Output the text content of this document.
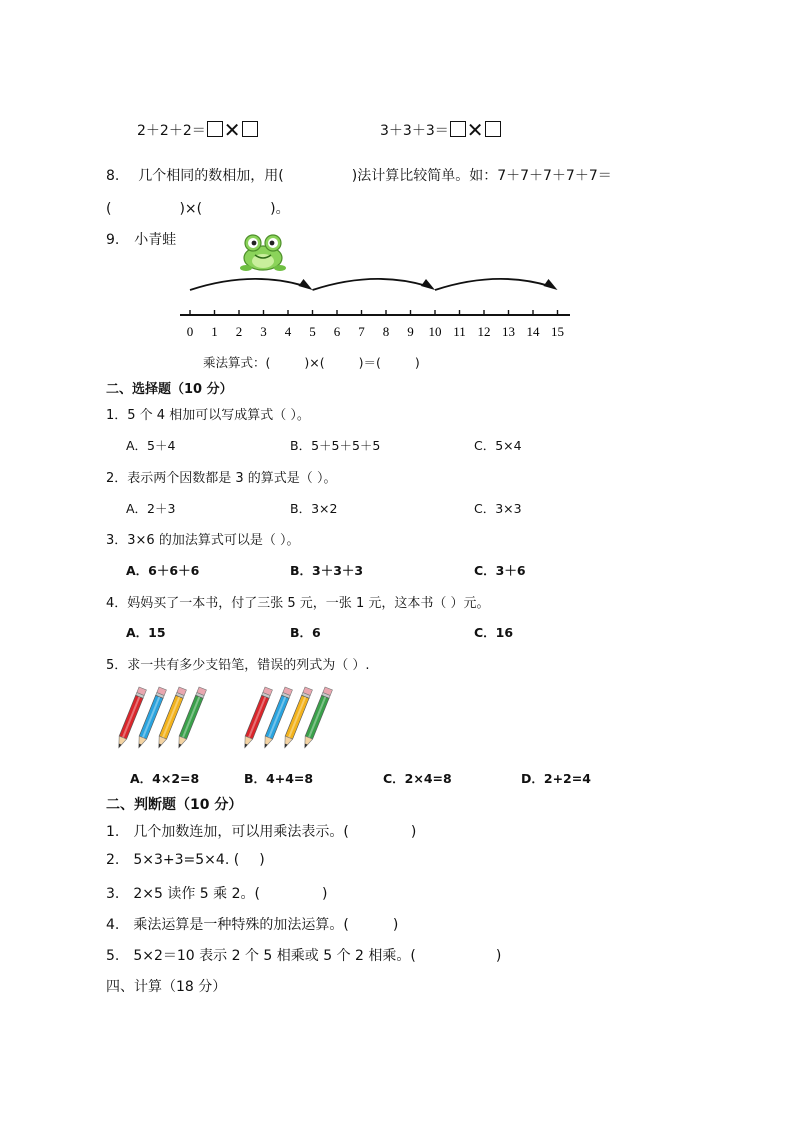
2＋2＋2＝ ✕	3＋3＋3＝ ✕
8. 几个相同的数相加，用(	)法计算比较简单。如：7＋7＋7＋7＋7＝
(	)×(	)。
9. 小青蛙
0 1 2 3 4 5 6 7 8 9 10 11 12 13 14 15
乘法算式：(	)×(	)＝(	)
二、选择题（10 分）
1．5 个 4 相加可以写成算式（ ）。
A．5＋4	B．5＋5＋5＋5	C．5×4
2．表示两个因数都是 3 的算式是（ ）。
A．2＋3	B．3×2	C．3×3
3．3×6 的加法算式可以是（ ）。
A．6＋6＋6	B．3＋3＋3	C．3＋6
4．妈妈买了一本书，付了三张 5 元，一张 1 元，这本书（ ）元。
A．15	B．6	C．16
5．求一共有多少支铅笔，错误的列式为（ ）.
A．4×2=8	B．4+4=8	C．2×4=8	D．2+2=4
二、判断题（10 分）
1. 几个加数连加，可以用乘法表示。(	)
2. 5×3+3=5×4. ( )
3. 2×5 读作 5 乘 2。(	)
4. 乘法运算是一种特殊的加法运算。(	)
5. 5×2＝10 表示 2 个 5 相乘或 5 个 2 相乘。(	)
四、计算（18 分）
